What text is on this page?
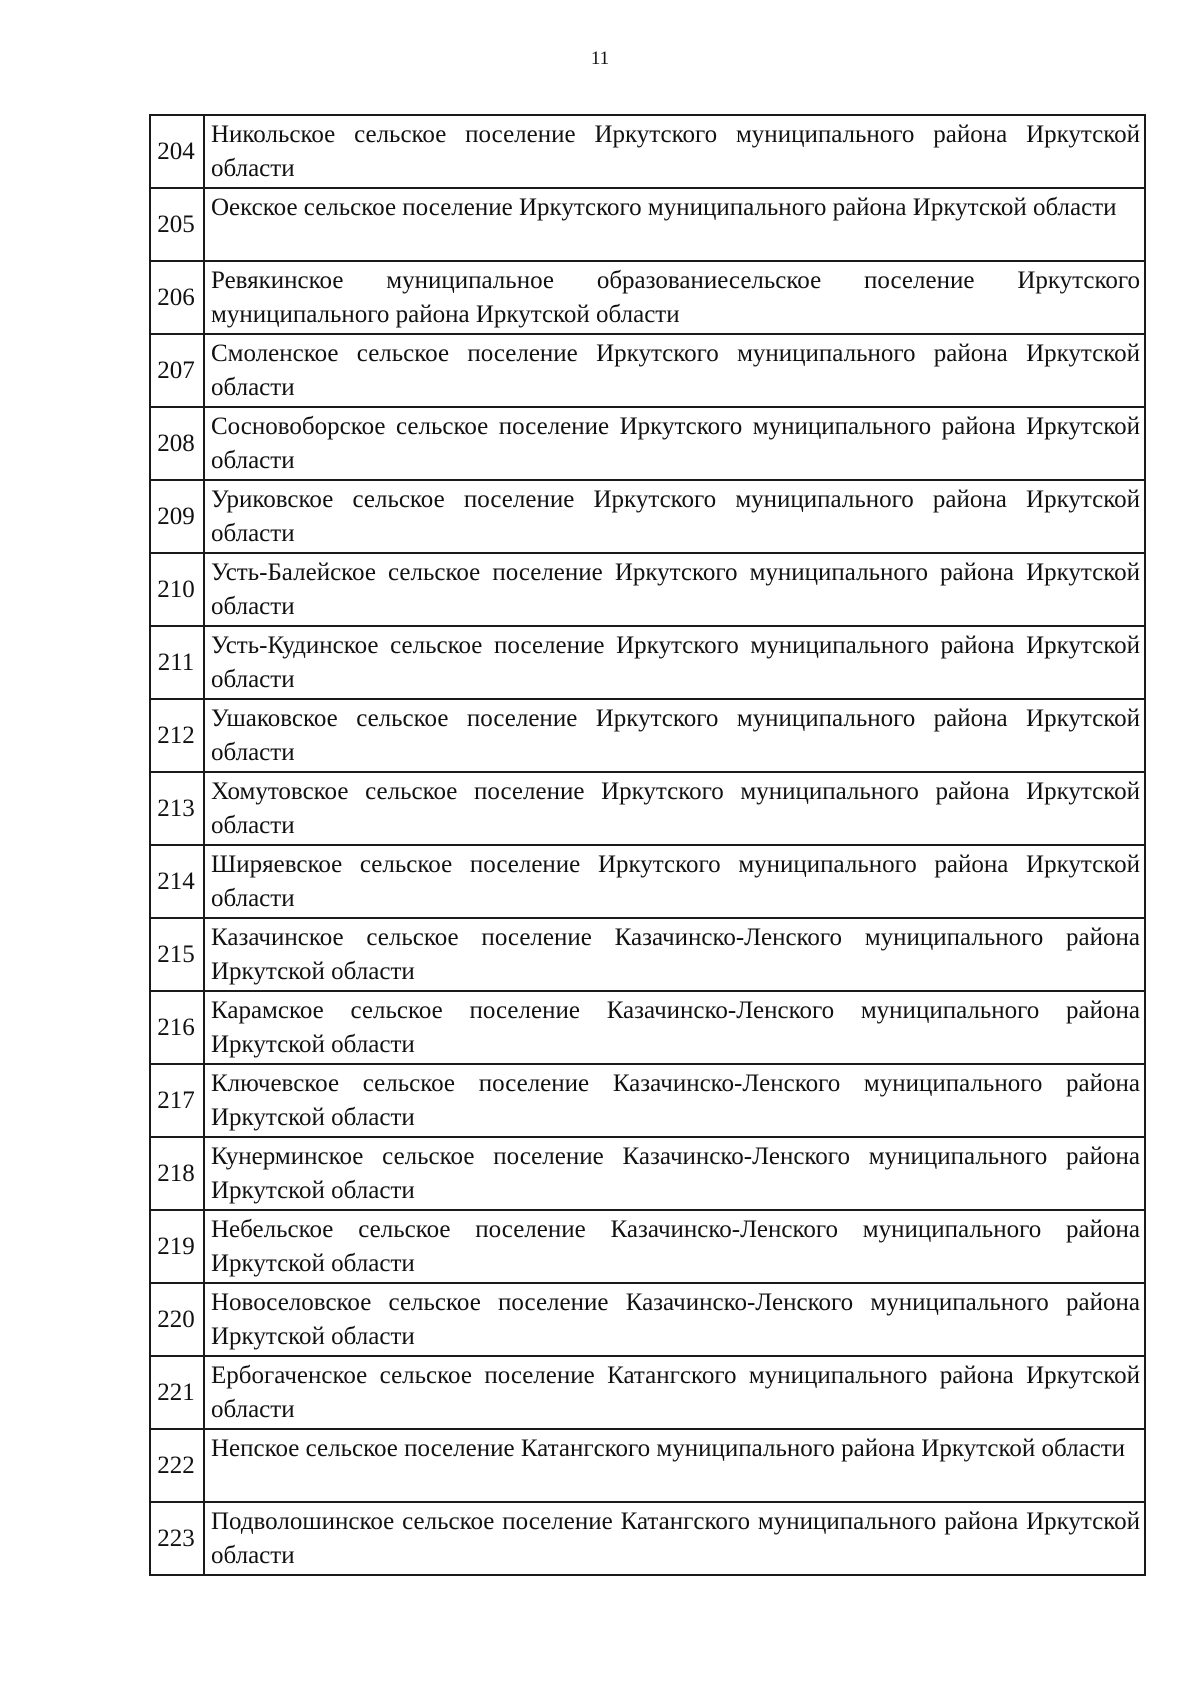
11
204
Никольское сельское поселение Иркутского муниципального района Иркутской области
205
Оекское сельское поселение Иркутского муниципального района Иркутской области
206
Ревякинское муниципальное образованиесельское поселение Иркутского муниципального района Иркутской области
207
Смоленское сельское поселение Иркутского муниципального района Иркутской области
208
Сосновоборское сельское поселение Иркутского муниципального района Иркутской области
209
Уриковское сельское поселение Иркутского муниципального района Иркутской области
210
Усть-Балейское сельское поселение Иркутского муниципального района Иркутской области
211
Усть-Кудинское сельское поселение Иркутского муниципального района Иркутской области
212
Ушаковское сельское поселение Иркутского муниципального района Иркутской области
213
Хомутовское сельское поселение Иркутского муниципального района Иркутской области
214
Ширяевское сельское поселение Иркутского муниципального района Иркутской области
215
Казачинское сельское поселение Казачинско-Ленского муниципального района Иркутской области
216
Карамское сельское поселение Казачинско-Ленского муниципального района Иркутской области
217
Ключевское сельское поселение Казачинско-Ленского муниципального района Иркутской области
218
Кунерминское сельское поселение Казачинско-Ленского муниципального района Иркутской области
219
Небельское сельское поселение Казачинско-Ленского муниципального района Иркутской области
220
Новоселовское сельское поселение Казачинско-Ленского муниципального района Иркутской области
221
Ербогаченское сельское поселение Катангского муниципального района Иркутской области
222
Непское сельское поселение Катангского муниципального района Иркутской области
223
Подволошинское сельское поселение Катангского муниципального района Иркутской области
